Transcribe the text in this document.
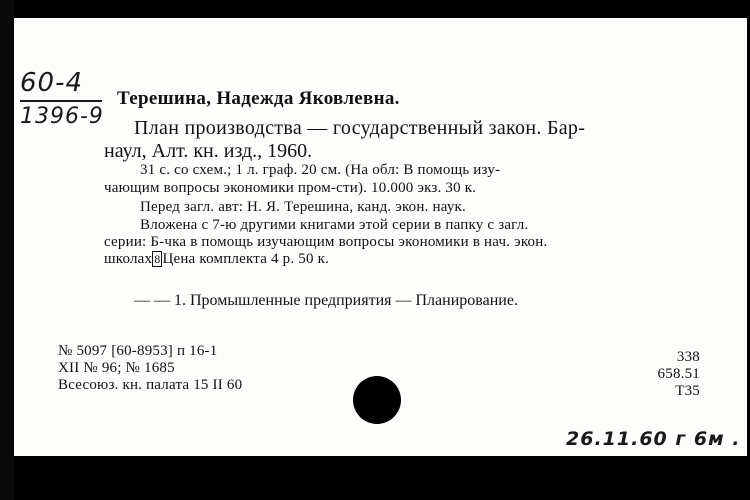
60-4
1396-9
Терешина, Надежда Яковлевна.
План производства — государственный закон. Бар-
наул, Алт. кн. изд., 1960.
31 с. со схем.; 1 л. граф. 20 см. (На обл: В помощь изу-
чающим вопросы экономики пром-сти). 10.000 экз. 30 к.
Перед загл. авт: Н. Я. Терешина, канд. экон. наук.
Вложена с 7-ю другими книгами этой серии в папку с загл.
серии: Б-чка в помощь изучающим вопросы экономики в нач. экон.
школах 8 Цена комплекта 4 р. 50 к.
— — 1. Промышленные предприятия — Планирование.
№ 5097 [60-8953] п 16-1
XII № 96; № 1685
Всесоюз. кн. палата 15 II 60
338
658.51
Т35
26.11.60 г 6м .
